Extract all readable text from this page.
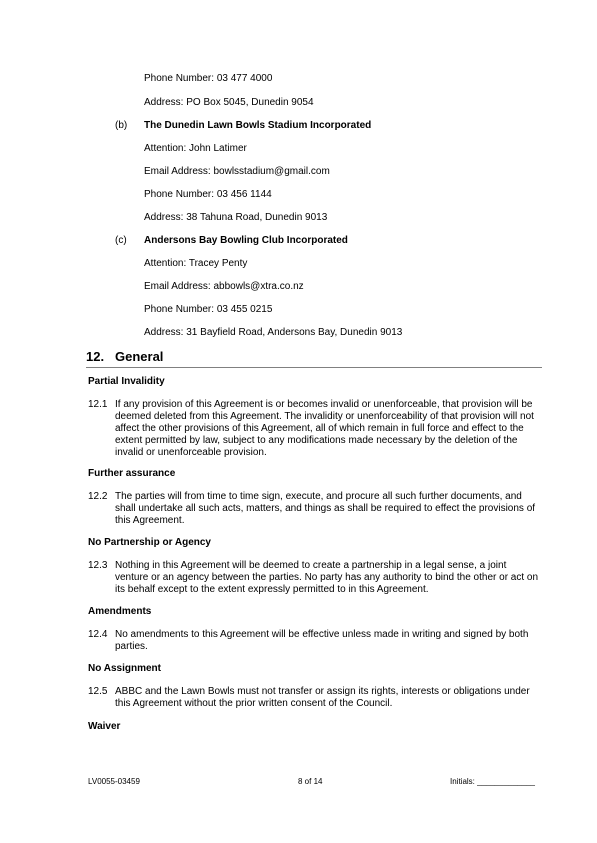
Phone Number: 03 477 4000
Address: PO Box 5045, Dunedin 9054
(b) The Dunedin Lawn Bowls Stadium Incorporated
Attention: John Latimer
Email Address: bowlsstadium@gmail.com
Phone Number: 03 456 1144
Address: 38 Tahuna Road, Dunedin 9013
(c) Andersons Bay Bowling Club Incorporated
Attention: Tracey Penty
Email Address: abbowls@xtra.co.nz
Phone Number: 03 455 0215
Address: 31 Bayfield Road, Andersons Bay, Dunedin 9013
12. General
Partial Invalidity
12.1 If any provision of this Agreement is or becomes invalid or unenforceable, that provision will be deemed deleted from this Agreement. The invalidity or unenforceability of that provision will not affect the other provisions of this Agreement, all of which remain in full force and effect to the extent permitted by law, subject to any modifications made necessary by the deletion of the invalid or unenforceable provision.
Further assurance
12.2 The parties will from time to time sign, execute, and procure all such further documents, and shall undertake all such acts, matters, and things as shall be required to effect the provisions of this Agreement.
No Partnership or Agency
12.3 Nothing in this Agreement will be deemed to create a partnership in a legal sense, a joint venture or an agency between the parties. No party has any authority to bind the other or act on its behalf except to the extent expressly permitted to in this Agreement.
Amendments
12.4 No amendments to this Agreement will be effective unless made in writing and signed by both parties.
No Assignment
12.5 ABBC and the Lawn Bowls must not transfer or assign its rights, interests or obligations under this Agreement without the prior written consent of the Council.
Waiver
LV0055-03459	8 of 14	Initials: _____________
